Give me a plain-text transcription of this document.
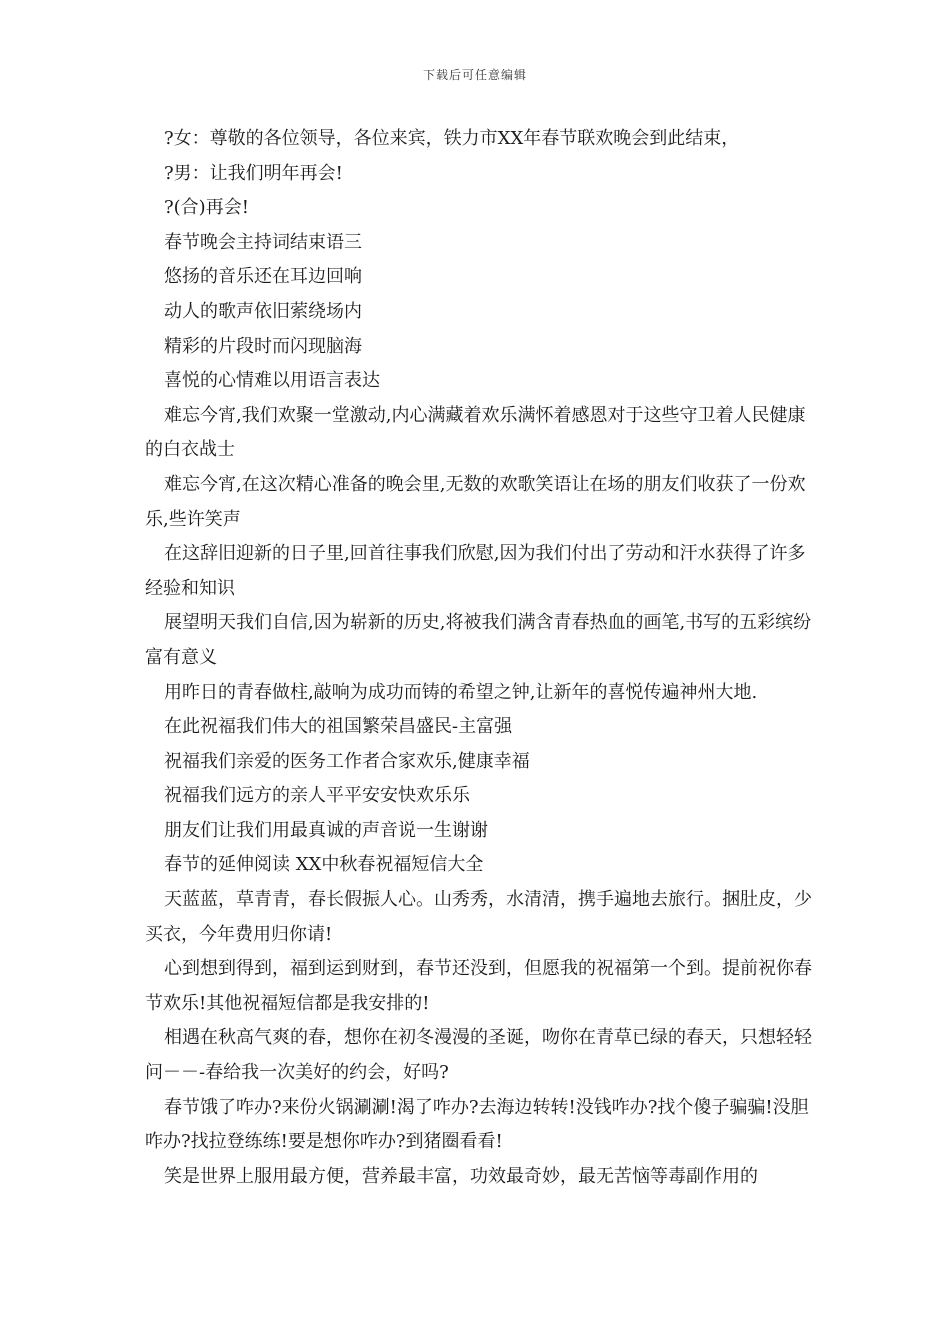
下载后可任意编辑

?女：尊敬的各位领导，各位来宾，铁力市XX年春节联欢晚会到此结束，

?男：让我们明年再会!

?(合)再会!

春节晚会主持词结束语三

悠扬的音乐还在耳边回响

动人的歌声依旧萦绕场内

精彩的片段时而闪现脑海

喜悦的心情难以用语言表达

难忘今宵,我们欢聚一堂激动,内心满藏着欢乐满怀着感恩对于这些守卫着人民健康的白衣战士

难忘今宵,在这次精心准备的晚会里,无数的欢歌笑语让在场的朋友们收获了一份欢乐,些许笑声

在这辞旧迎新的日子里,回首往事我们欣慰,因为我们付出了劳动和汗水获得了许多经验和知识

展望明天我们自信,因为崭新的历史,将被我们满含青春热血的画笔,书写的五彩缤纷富有意义

用昨日的青春做柱,敲响为成功而铸的希望之钟,让新年的喜悦传遍神州大地.

在此祝福我们伟大的祖国繁荣昌盛民-主富强

祝福我们亲爱的医务工作者合家欢乐,健康幸福

祝福我们远方的亲人平平安安快欢乐乐

朋友们让我们用最真诚的声音说一生谢谢

春节的延伸阅读 XX中秋春祝福短信大全

天蓝蓝，草青青，春长假振人心。山秀秀，水清清，携手遍地去旅行。捆肚皮，少买衣，今年费用归你请!

心到想到得到，福到运到财到，春节还没到，但愿我的祝福第一个到。提前祝你春节欢乐!其他祝福短信都是我安排的!

相遇在秋高气爽的春，想你在初冬漫漫的圣诞，吻你在青草已绿的春天，只想轻轻问－－-春给我一次美好的约会，好吗?

春节饿了咋办?来份火锅涮涮!渴了咋办?去海边转转!没钱咋办?找个傻子骗骗!没胆咋办?找拉登练练!要是想你咋办?到猪圈看看!

笑是世界上服用最方便，营养最丰富，功效最奇妙，最无苦恼等毒副作用的
